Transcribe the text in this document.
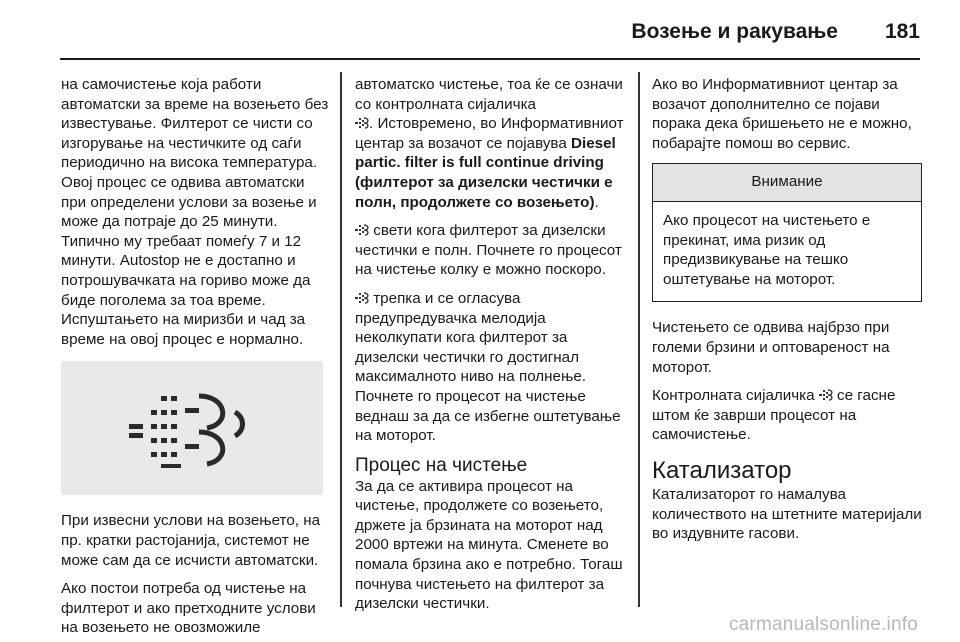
Возење и ракување 181

на самочистење која работи автоматски за време на возењето без известување. Филтерот се чисти со изгорување на честичките од саѓи периодично на висока температура. Овој процес се одвива автоматски при определени услови за возење и може да потраје до 25 минути. Типично му требаат помеѓу 7 и 12 минути. Autostop не е достапно и потрошувачката на гориво може да биде поголема за тоа време. Испуштањето на миризби и чад за време на овој процес е нормално.

При извесни услови на возењето, на пр. кратки растојанија, системот не може сам да се исчисти автоматски.

Ако постои потреба од чистење на филтерот и ако претходните услови на возењето не овозможиле

автоматско чистење, тоа ќе се означи со контролната сијаличка
. Истовремено, во Информативниот центар за возачот се појавува Diesel partic. filter is full continue driving (филтерот за дизелски честички е полн, продолжете со возењето).

свети кога филтерот за дизелски честички е полн. Почнете го процесот на чистење колку е можно поскоро.

трепка и се огласува предупредувачка мелодија неколкупати кога филтерот за дизелски честички го достигнал максималното ниво на полнење. Почнете го процесот на чистење веднаш за да се избегне оштетување на моторот.

Процес на чистење

За да се активира процесот на чистење, продолжете со возењето, држете ја брзината на моторот над 2000 вртежи на минута. Сменете во помала брзина ако е потребно. Тогаш почнува чистењето на филтерот за дизелски честички.

Ако во Информативниот центар за возачот дополнително се појави порака дека бришењето не е можно, побарајте помош во сервис.

Внимание
Ако процесот на чистењето е прекинат, има ризик од предизвикување на тешко оштетување на моторот.

Чистењето се одвива најбрзо при големи брзини и оптовареност на моторот.

Контролната сијаличка  се гасне штом ќе заврши процесот на самочистење.

Катализатор

Катализаторот го намалува количеството на штетните материјали во издувните гасови.

carmanualsonline.info
